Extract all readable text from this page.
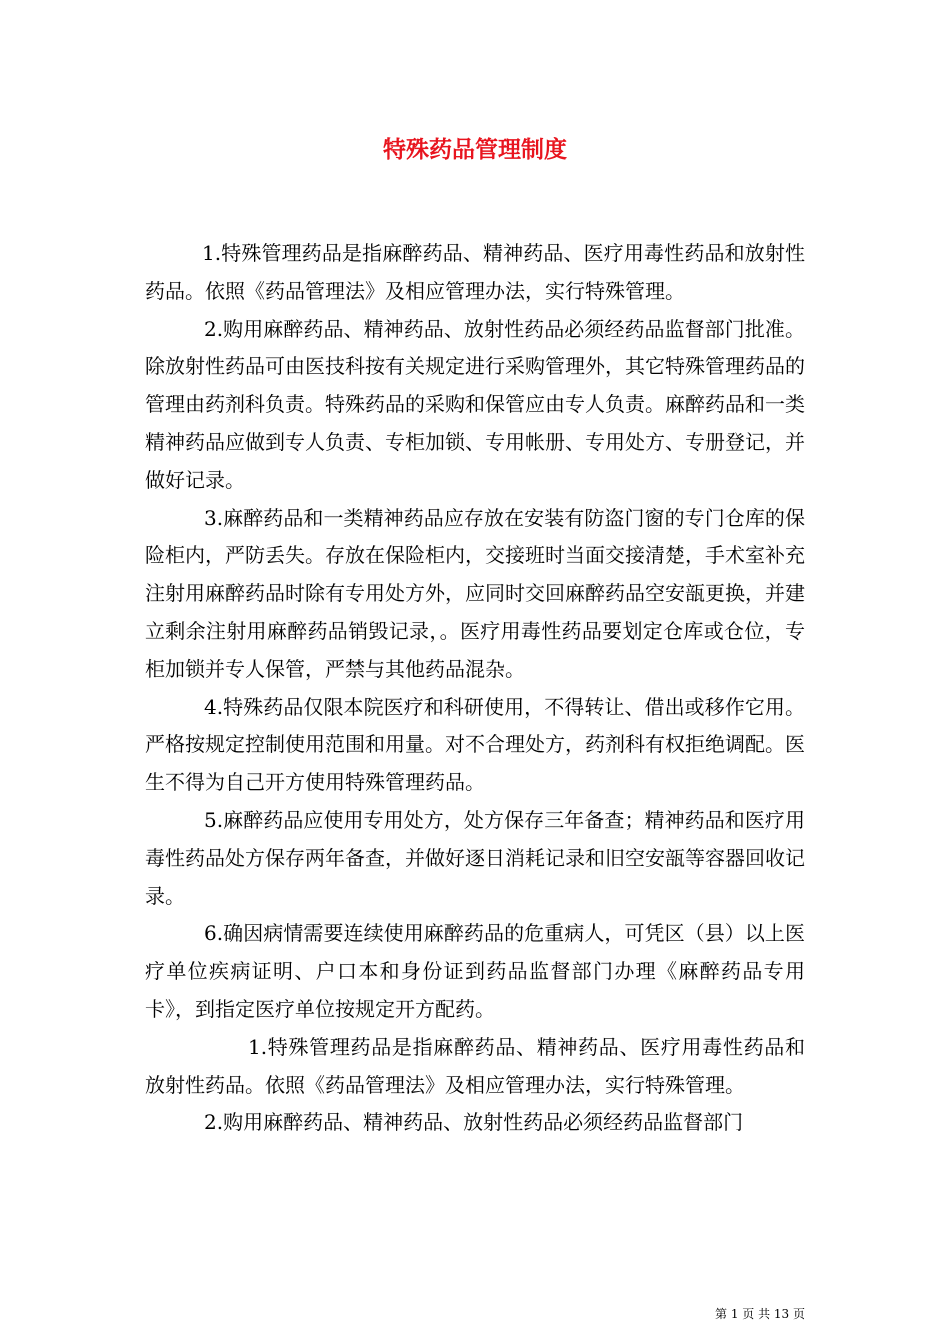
特殊药品管理制度

1.特殊管理药品是指麻醉药品、精神药品、医疗用毒性药品和放射性药品。依照《药品管理法》及相应管理办法，实行特殊管理。

2.购用麻醉药品、精神药品、放射性药品必须经药品监督部门批准。除放射性药品可由医技科按有关规定进行采购管理外，其它特殊管理药品的管理由药剂科负责。特殊药品的采购和保管应由专人负责。麻醉药品和一类精神药品应做到专人负责、专柜加锁、专用帐册、专用处方、专册登记，并做好记录。

3.麻醉药品和一类精神药品应存放在安装有防盗门窗的专门仓库的保险柜内，严防丢失。存放在保险柜内，交接班时当面交接清楚，手术室补充注射用麻醉药品时除有专用处方外，应同时交回麻醉药品空安瓿更换，并建立剩余注射用麻醉药品销毁记录，。医疗用毒性药品要划定仓库或仓位，专柜加锁并专人保管，严禁与其他药品混杂。

4.特殊药品仅限本院医疗和科研使用，不得转让、借出或移作它用。严格按规定控制使用范围和用量。对不合理处方，药剂科有权拒绝调配。医生不得为自己开方使用特殊管理药品。

5.麻醉药品应使用专用处方，处方保存三年备查；精神药品和医疗用毒性药品处方保存两年备查，并做好逐日消耗记录和旧空安瓿等容器回收记录。

6.确因病情需要连续使用麻醉药品的危重病人，可凭区（县）以上医疗单位疾病证明、户口本和身份证到药品监督部门办理《麻醉药品专用卡》，到指定医疗单位按规定开方配药。

1.特殊管理药品是指麻醉药品、精神药品、医疗用毒性药品和放射性药品。依照《药品管理法》及相应管理办法，实行特殊管理。

2.购用麻醉药品、精神药品、放射性药品必须经药品监督部门

第 1 页 共 13 页
